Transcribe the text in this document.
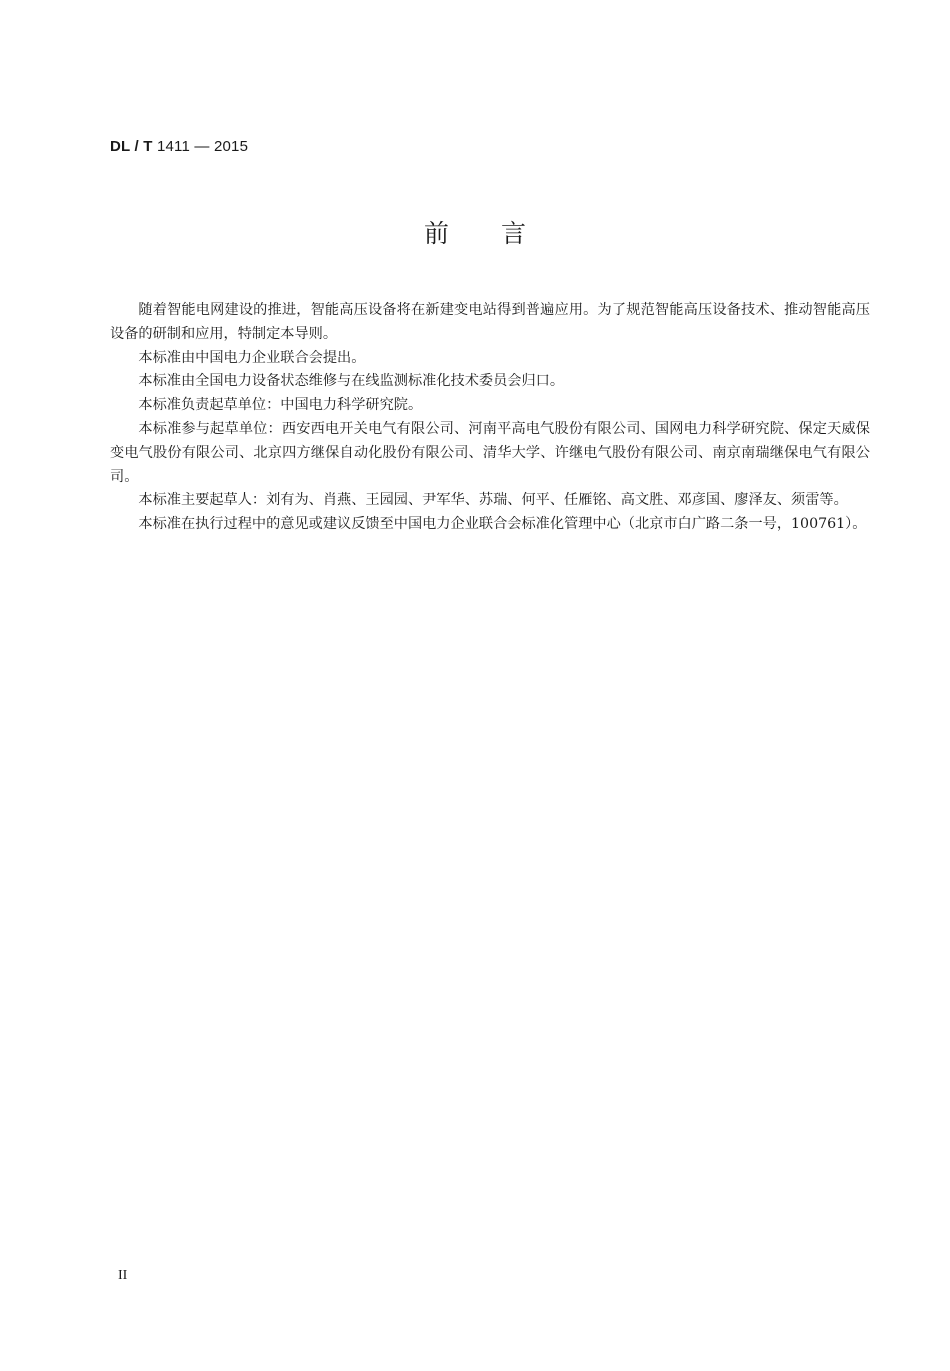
DL / T 1411 — 2015
前言

随着智能电网建设的推进，智能高压设备将在新建变电站得到普遍应用。为了规范智能高压设备技术、推动智能高压设备的研制和应用，特制定本导则。

本标准由中国电力企业联合会提出。

本标准由全国电力设备状态维修与在线监测标准化技术委员会归口。

本标准负责起草单位：中国电力科学研究院。

本标准参与起草单位：西安西电开关电气有限公司、河南平高电气股份有限公司、国网电力科学研究院、保定天威保变电气股份有限公司、北京四方继保自动化股份有限公司、清华大学、许继电气股份有限公司、南京南瑞继保电气有限公司。

本标准主要起草人：刘有为、肖燕、王园园、尹军华、苏瑞、何平、任雁铭、高文胜、邓彦国、廖泽友、须雷等。

本标准在执行过程中的意见或建议反馈至中国电力企业联合会标准化管理中心（北京市白广路二条一号，100761）。

II
